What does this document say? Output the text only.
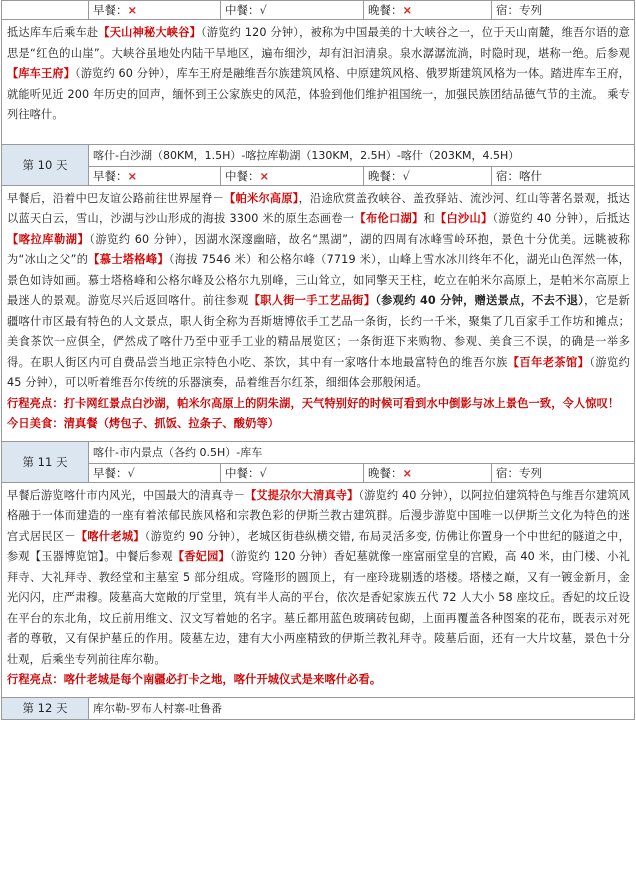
	早餐：× 中餐：√ 晚餐：× 宿：专列

抵达库车后乘车赴【天山神秘大峡谷】（游览约 120 分钟），被称为中国最美的十大峡谷之一，位于天山南麓，维吾尔语的意思是“红色的山崖”。大峡谷虽地处内陆干旱地区，遍布细沙，却有汩汩清泉。泉水潺潺流淌，时隐时现，堪称一绝。后参观【库车王府】（游览约 60 分钟），库车王府是融维吾尔族建筑风格、中原建筑风格、俄罗斯建筑风格为一体。踏进库车王府，就能听见近 200 年历史的回声，缅怀到王公家族史的风范，体验到他们维护祖国统一，加强民族团结品德气节的主流。 乘专列往喀什。	

第 10 天	喀什-白沙湖（80KM，1.5H）-喀拉库勒湖（130KM，2.5H）-喀什（203KM，4.5H）

	早餐：× 中餐：× 晚餐：√ 宿：喀什

早餐后，沿着中巴友谊公路前往世界屋脊－【帕米尔高原】，沿途欣赏盖孜峡谷、盖孜驿站、流沙河、红山等著名景观，抵达以蓝天白云，雪山，沙湖与沙山形成的海拔 3300 米的原生态画卷一【布伦口湖】和【白沙山】（游览约 40 分钟），后抵达【喀拉库勒湖】（游览约 60 分钟），因湖水深邃幽暗，故名“黑湖”，湖的四周有冰峰雪岭环抱，景色十分优美。远眺被称为“冰山之父”的【慕士塔格峰】（海拔 7546 米）和公格尔峰（7719 米），山峰上雪水冰川终年不化，湖光山色浑然一体，景色如诗如画。慕士塔格峰和公格尔峰及公格尔九别峰，三山耸立，如同擎天王柱，屹立在帕米尔高原上，是帕米尔高原上最迷人的景观。游览尽兴后返回喀什。前往参观【职人街一手工艺品街】（参观约 40 分钟，赠送景点，不去不退），它是新疆喀什市区最有特色的人文景点，职人街全称为吾斯塘博依手工艺品一条街，长约一千米，聚集了几百家手工作坊和摊点；美食茶饮一应俱全，俨然成了喀什乃至中亚手工业的精品展览区；一条街逛下来购物、参观、美食三不误，的确是一举多得。在职人街区内可自费品尝当地正宗特色小吃、茶饮，其中有一家喀什本地最富特色的维吾尔族【百年老茶馆】（游览约 45 分钟），可以听着维吾尔传统的乐器演奏，品着维吾尔红茶，细细体会那般闲适。
行程亮点：打卡网红景点白沙湖，帕米尔高原上的阴朱湖，天气特别好的时候可看到水中倒影与冰上景色一致，令人惊叹！
今日美食：清真餐（烤包子、抓饭、拉条子、酸奶等）	

第 11 天	喀什-市内景点（各约 0.5H）-库车

	早餐：√ 中餐：√ 晚餐：× 宿：专列

早餐后游览喀什市内风光，中国最大的清真寺－【艾提尕尔大清真寺】（游览约 40 分钟），以阿拉伯建筑特色与维吾尔建筑风格融于一体而建造的一座有着浓郁民族风格和宗教色彩的伊斯兰教古建筑群。后漫步游览中国唯一以伊斯兰文化为特色的迷宫式居民区－【喀什老城】（游览约 90 分钟），老城区街巷纵横交错, 布局灵活多变, 仿佛让你置身一个中世纪的隧道之中，参观【玉器博览馆】。中餐后参观【香妃园】（游览约 120 分钟）香妃墓就像一座富丽堂皇的宫殿，高 40 米，由门楼、小礼拜寺、大礼拜寺、教经堂和主墓室 5 部分组成。穹隆形的圆顶上，有一座玲珑剔透的塔楼。塔楼之巅，又有一镀金新月，金光闪闪，庄严肃穆。陵墓高大宽敞的厅堂里，筑有半人高的平台，依次是香妃家族五代 72 人大小 58 座坟丘。香妃的坟丘设在平台的东北角，坟丘前用维文、汉文写着她的名字。墓丘都用蓝色玻璃砖包砌，上面再覆盖各种图案的花布，既表示对死者的尊敬，又有保护墓丘的作用。陵墓左边，建有大小两座精致的伊斯兰教礼拜寺。陵墓后面，还有一大片坟墓，景色十分壮观，后乘坐专列前往库尔勒。
行程亮点：喀什老城是每个南疆必打卡之地，喀什开城仪式是来喀什必看。	

第 12 天	库尔勒-罗布人村寨-吐鲁番
